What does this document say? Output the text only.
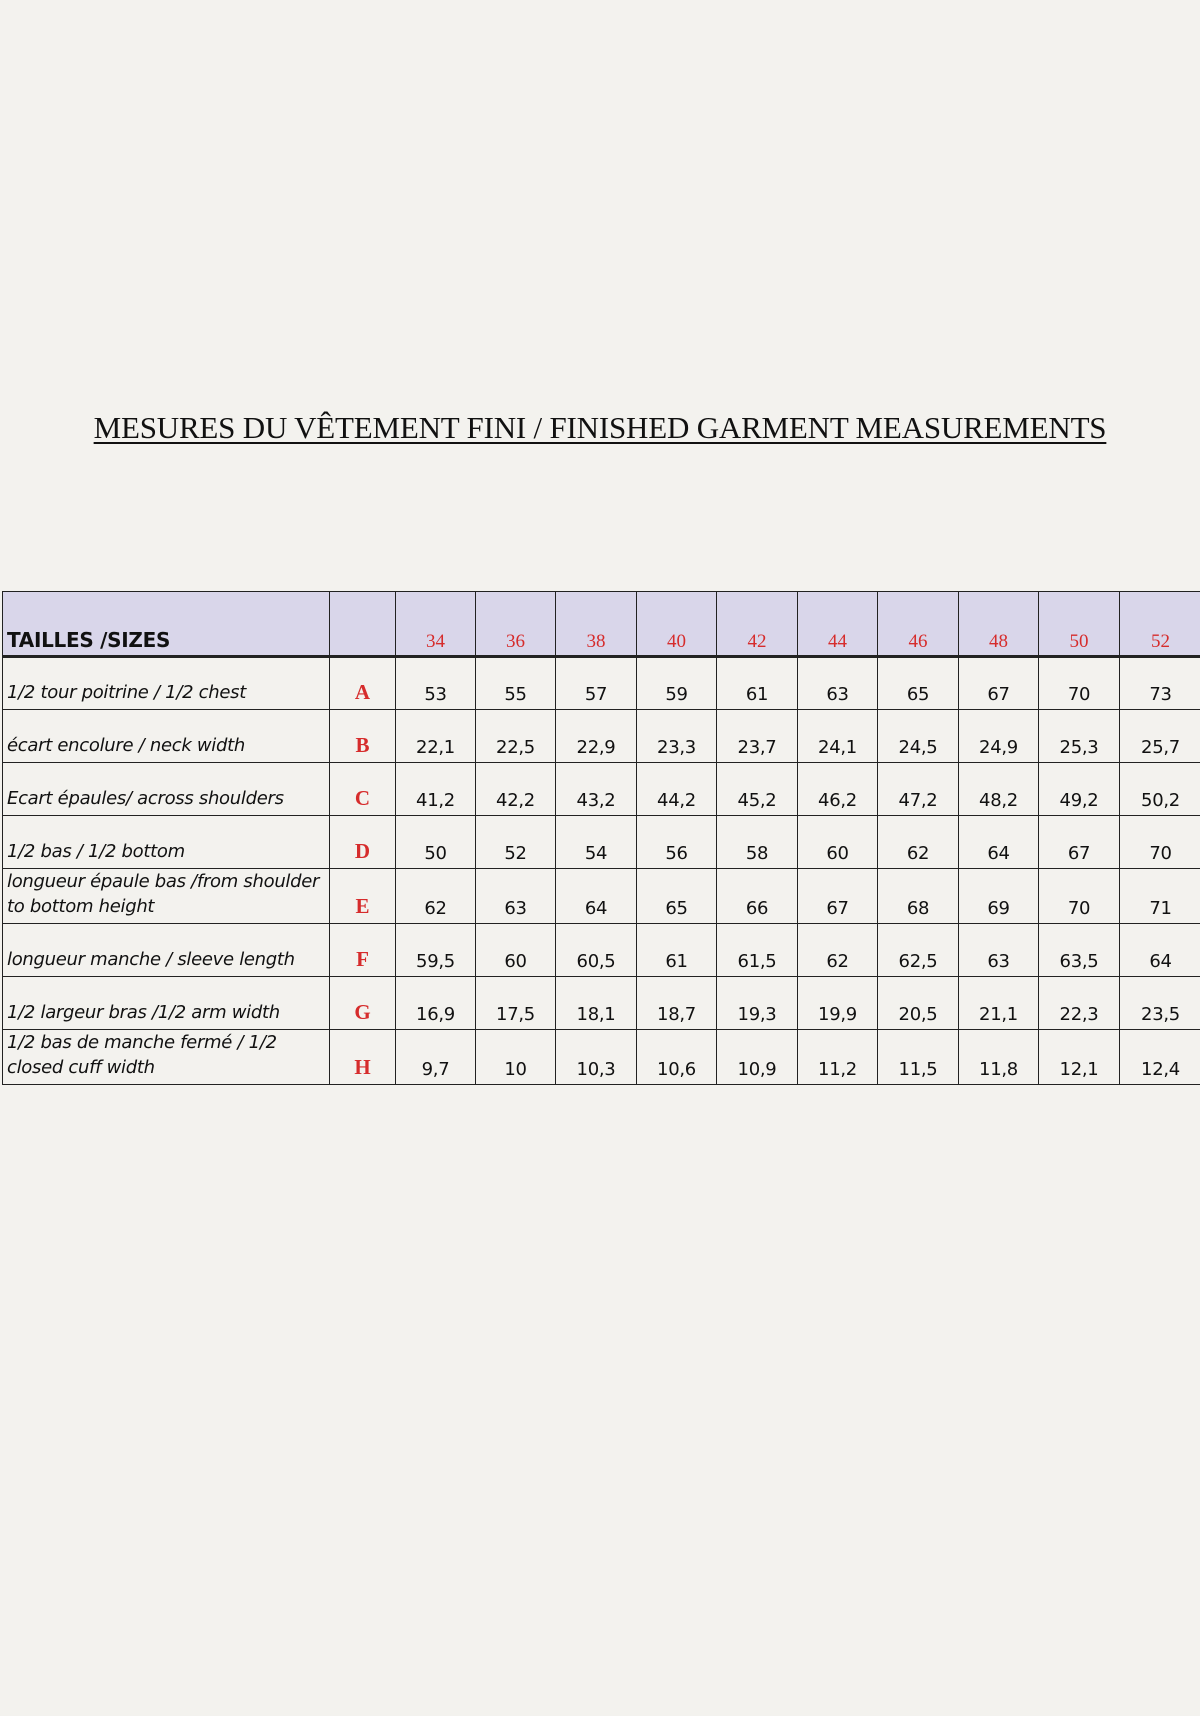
MESURES DU VÊTEMENT FINI / FINISHED GARMENT MEASUREMENTS
TAILLES /SIZES		34	36	38	40	42	44	46	48	50	52
1/2 tour poitrine / 1/2 chest	A	53	55	57	59	61	63	65	67	70	73
écart encolure / neck width	B	22,1	22,5	22,9	23,3	23,7	24,1	24,5	24,9	25,3	25,7
Ecart épaules/ across shoulders	C	41,2	42,2	43,2	44,2	45,2	46,2	47,2	48,2	49,2	50,2
1/2 bas / 1/2 bottom	D	50	52	54	56	58	60	62	64	67	70
longueur épaule bas /from shoulder to bottom height	E	62	63	64	65	66	67	68	69	70	71
longueur manche / sleeve length	F	59,5	60	60,5	61	61,5	62	62,5	63	63,5	64
1/2 largeur bras /1/2 arm width	G	16,9	17,5	18,1	18,7	19,3	19,9	20,5	21,1	22,3	23,5
1/2 bas de manche fermé / 1/2 closed cuff width	H	9,7	10	10,3	10,6	10,9	11,2	11,5	11,8	12,1	12,4
